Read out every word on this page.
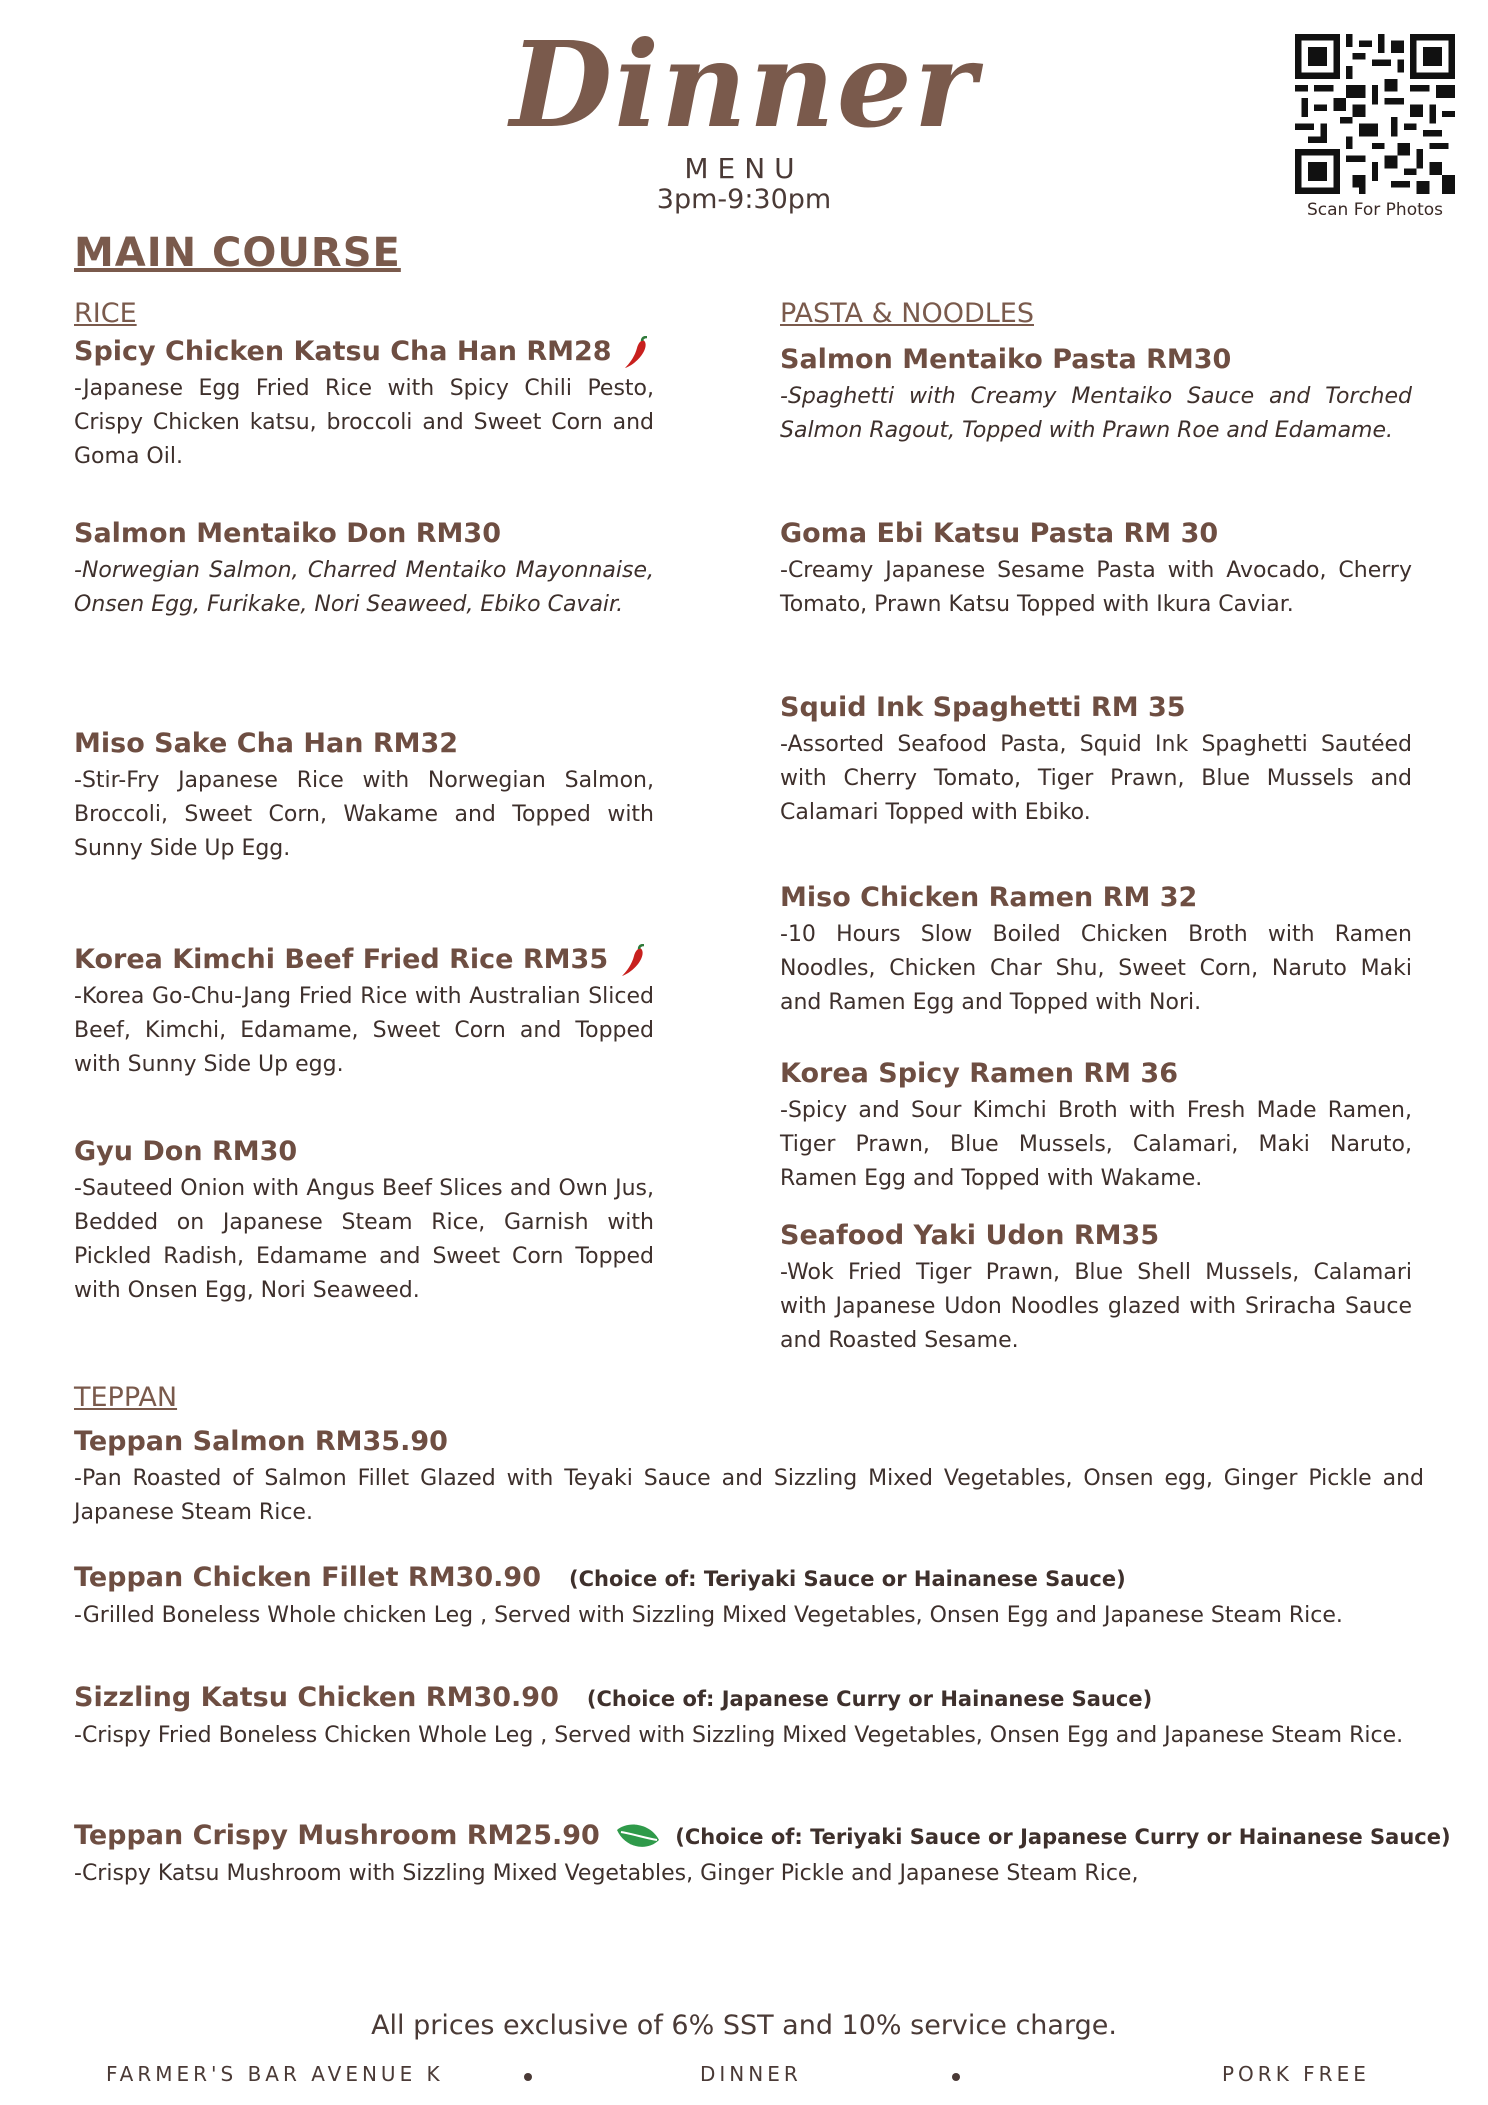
Dinner
MENU
3pm-9:30pm	Scan For Photos
MAIN COURSE
RICE
Spicy Chicken Katsu Cha Han RM28
-Japanese Egg Fried Rice with Spicy Chili Pesto, Crispy Chicken katsu, broccoli and Sweet Corn and Goma Oil.
Salmon Mentaiko Don RM30
-Norwegian Salmon, Charred Mentaiko Mayonnaise, Onsen Egg, Furikake, Nori Seaweed, Ebiko Cavair.
Miso Sake Cha Han RM32
-Stir-Fry Japanese Rice with Norwegian Salmon, Broccoli, Sweet Corn, Wakame and Topped with Sunny Side Up Egg.
Korea Kimchi Beef Fried Rice RM35
-Korea Go-Chu-Jang Fried Rice with Australian Sliced Beef, Kimchi, Edamame, Sweet Corn and Topped with Sunny Side Up egg.
Gyu Don RM30
-Sauteed Onion with Angus Beef Slices and Own Jus, Bedded on Japanese Steam Rice, Garnish with Pickled Radish, Edamame and Sweet Corn Topped with Onsen Egg, Nori Seaweed.
PASTA & NOODLES
Salmon Mentaiko Pasta RM30
-Spaghetti with Creamy Mentaiko Sauce and Torched Salmon Ragout, Topped with Prawn Roe and Edamame.
Goma Ebi Katsu Pasta RM 30
-Creamy Japanese Sesame Pasta with Avocado, Cherry Tomato, Prawn Katsu Topped with Ikura Caviar.
Squid Ink Spaghetti RM 35
-Assorted Seafood Pasta, Squid Ink Spaghetti Sautéed with Cherry Tomato, Tiger Prawn, Blue Mussels and Calamari Topped with Ebiko.
Miso Chicken Ramen RM 32
-10 Hours Slow Boiled Chicken Broth with Ramen Noodles, Chicken Char Shu, Sweet Corn, Naruto Maki and Ramen Egg and Topped with Nori.
Korea Spicy Ramen RM 36
-Spicy and Sour Kimchi Broth with Fresh Made Ramen, Tiger Prawn, Blue Mussels, Calamari, Maki Naruto, Ramen Egg and Topped with Wakame.
Seafood Yaki Udon RM35
-Wok Fried Tiger Prawn, Blue Shell Mussels, Calamari with Japanese Udon Noodles glazed with Sriracha Sauce and Roasted Sesame.
TEPPAN
Teppan Salmon RM35.90
-Pan Roasted of Salmon Fillet Glazed with Teyaki Sauce and Sizzling Mixed Vegetables, Onsen egg, Ginger Pickle and Japanese Steam Rice.
Teppan Chicken Fillet RM30.90 (Choice of: Teriyaki Sauce or Hainanese Sauce)
-Grilled Boneless Whole chicken Leg , Served with Sizzling Mixed Vegetables, Onsen Egg and Japanese Steam Rice.
Sizzling Katsu Chicken RM30.90 (Choice of: Japanese Curry or Hainanese Sauce)
-Crispy Fried Boneless Chicken Whole Leg , Served with Sizzling Mixed Vegetables, Onsen Egg and Japanese Steam Rice.
Teppan Crispy Mushroom RM25.90	(Choice of: Teriyaki Sauce or Japanese Curry or Hainanese Sauce)
-Crispy Katsu Mushroom with Sizzling Mixed Vegetables, Ginger Pickle and Japanese Steam Rice,
All prices exclusive of 6% SST and 10% service charge.
FARMER'S BAR AVENUE K	DINNER	PORK FREE
